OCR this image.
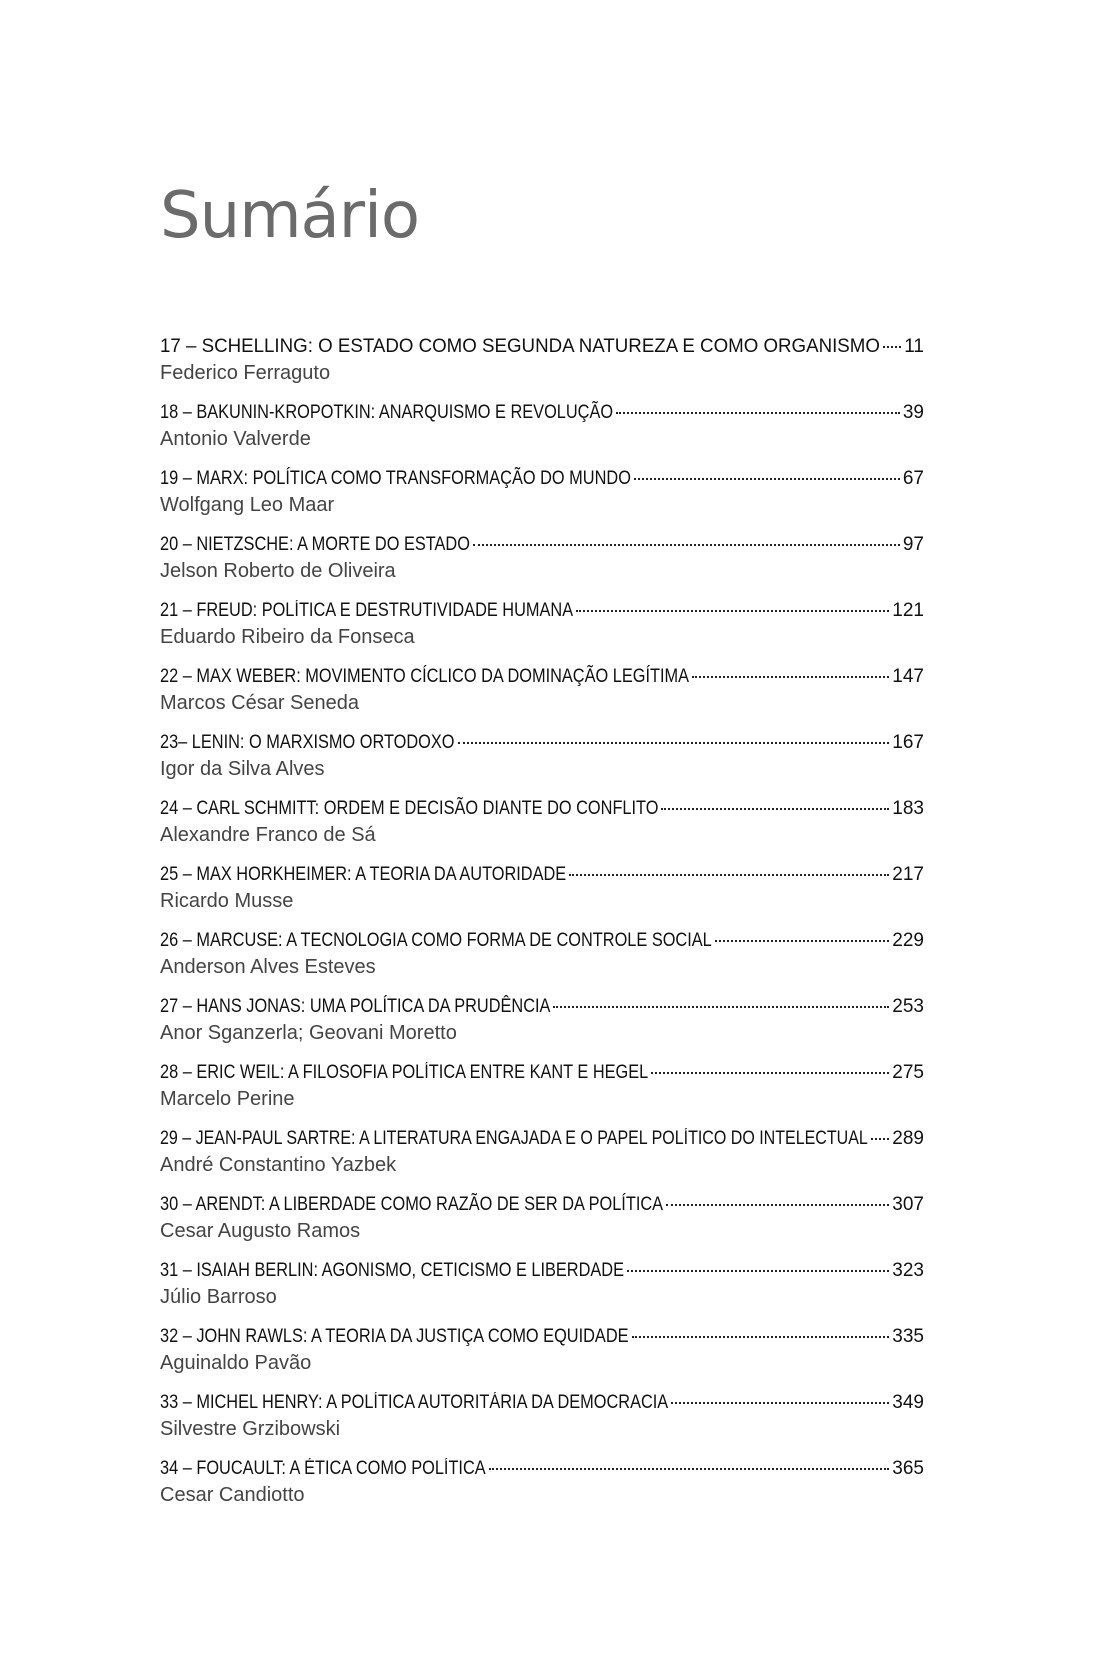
Sumário
17 – SCHELLING: O ESTADO COMO SEGUNDA NATUREZA E COMO ORGANISMO 11
Federico Ferraguto
18 – BAKUNIN-KROPOTKIN: ANARQUISMO E REVOLUÇÃO	39
Antonio Valverde
19 – MARX: POLÍTICA COMO TRANSFORMAÇÃO DO MUNDO	67
Wolfgang Leo Maar
20 – NIETZSCHE: A MORTE DO ESTADO	97
Jelson Roberto de Oliveira
21 – FREUD: POLÍTICA E DESTRUTIVIDADE HUMANA	121
Eduardo Ribeiro da Fonseca
22 – MAX WEBER: MOVIMENTO CÍCLICO DA DOMINAÇÃO LEGÍTIMA	147
Marcos César Seneda
23– LENIN: O MARXISMO ORTODOXO	167
Igor da Silva Alves
24 – CARL SCHMITT: ORDEM E DECISÃO DIANTE DO CONFLITO	183
Alexandre Franco de Sá
25 – MAX HORKHEIMER: A TEORIA DA AUTORIDADE	217
Ricardo Musse
26 – MARCUSE: A TECNOLOGIA COMO FORMA DE CONTROLE SOCIAL	229
Anderson Alves Esteves
27 – HANS JONAS: UMA POLÍTICA DA PRUDÊNCIA	253
Anor Sganzerla; Geovani Moretto
28 – ERIC WEIL: A FILOSOFIA POLÍTICA ENTRE KANT E HEGEL	275
Marcelo Perine
29 – JEAN-PAUL SARTRE: A LITERATURA ENGAJADA E O PAPEL POLÍTICO DO INTELECTUAL 289
André Constantino Yazbek
30 – ARENDT: A LIBERDADE COMO RAZÃO DE SER DA POLÍTICA	307
Cesar Augusto Ramos
31 – ISAIAH BERLIN: AGONISMO, CETICISMO E LIBERDADE	323
Júlio Barroso
32 – JOHN RAWLS: A TEORIA DA JUSTIÇA COMO EQUIDADE	335
Aguinaldo Pavão
33 – MICHEL HENRY: A POLÍTICA AUTORITÁRIA DA DEMOCRACIA	349
Silvestre Grzibowski
34 – FOUCAULT: A ÉTICA COMO POLÍTICA	365
Cesar Candiotto
